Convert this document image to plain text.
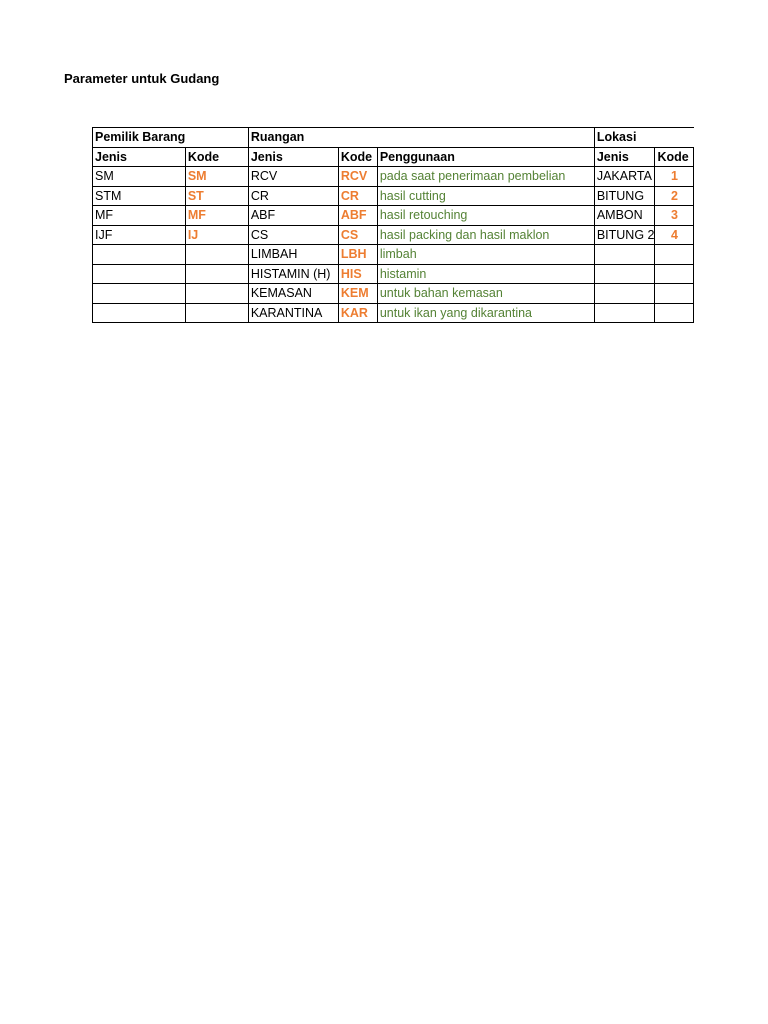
Parameter untuk Gudang
Pemilik Barang		Ruangan			Lokasi	
Jenis	Kode	Jenis	Kode	Penggunaan	Jenis	Kode
SM	SM	RCV	RCV	pada saat penerimaan pembelian	JAKARTA	1
STM	ST	CR	CR	hasil cutting	BITUNG	2
MF	MF	ABF	ABF	hasil retouching	AMBON	3
IJF	IJ	CS	CS	hasil packing dan hasil maklon	BITUNG 2	4
		LIMBAH	LBH	limbah		
		HISTAMIN (H)	HIS	histamin		
		KEMASAN	KEM	untuk bahan kemasan		
		KARANTINA	KAR	untuk ikan yang dikarantina		
